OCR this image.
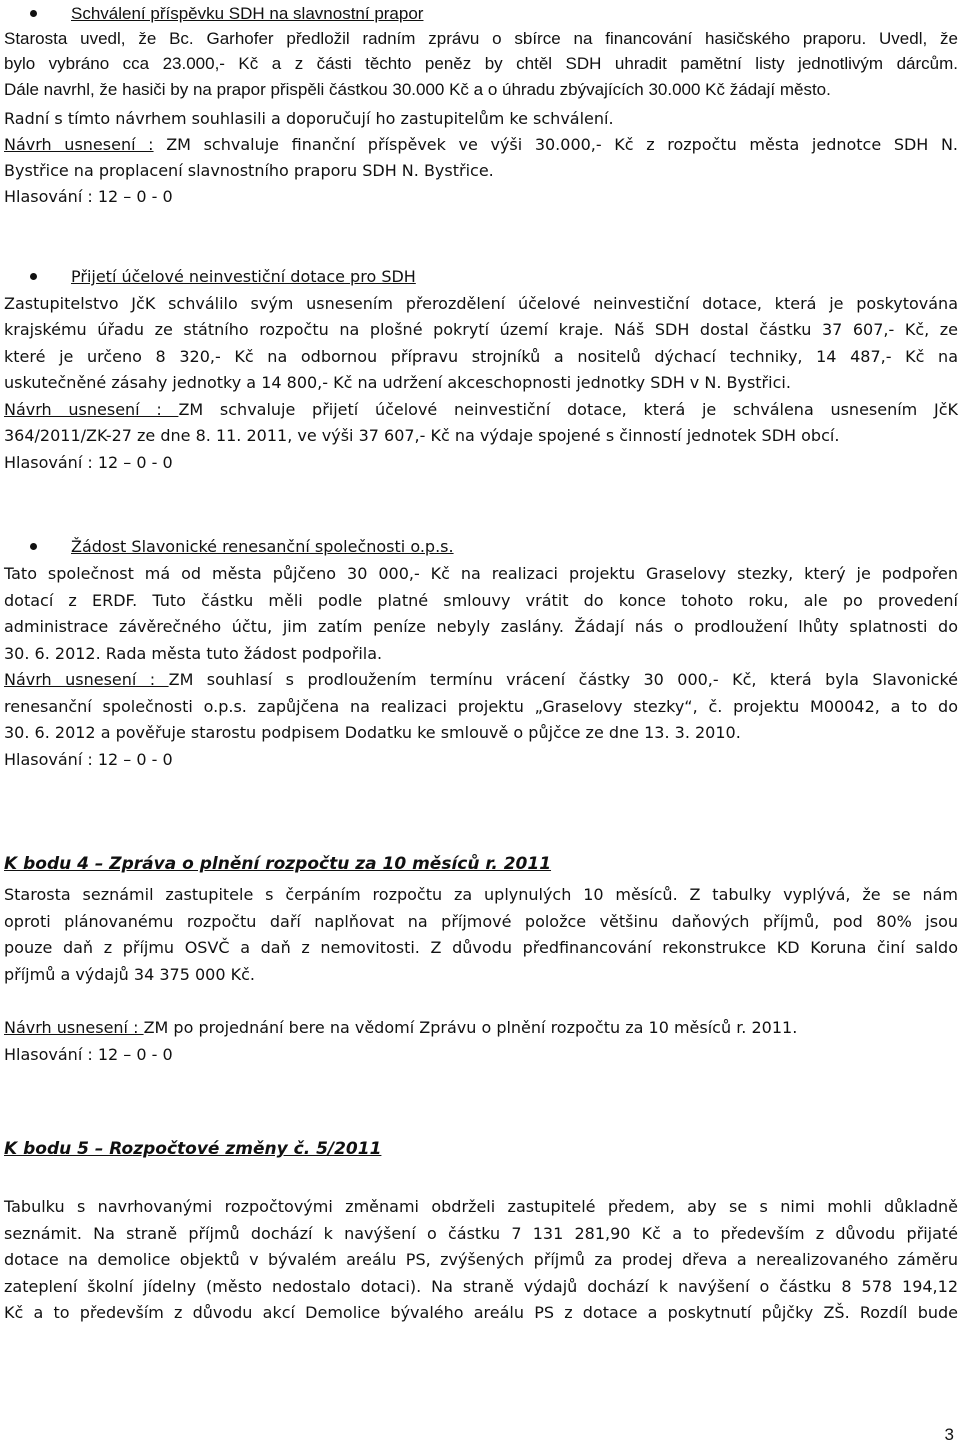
Schválení příspěvku SDH na slavnostní prapor
Starosta uvedl, že Bc. Garhofer předložil radním zprávu o sbírce na financování hasičského praporu. Uvedl, že
bylo vybráno cca 23.000,- Kč a z části těchto peněz by chtěl SDH uhradit pamětní listy jednotlivým dárcům.
Dále navrhl, že hasiči by na prapor přispěli částkou 30.000 Kč a o úhradu zbývajících 30.000 Kč žádají město.
Radní s tímto návrhem souhlasili a doporučují ho zastupitelům ke schválení.
Návrh usnesení : ZM schvaluje finanční příspěvek ve výši 30.000,- Kč z rozpočtu města jednotce SDH N.
Bystřice na proplacení slavnostního praporu SDH N. Bystřice.
Hlasování : 12 – 0 - 0
Přijetí účelové neinvestiční dotace pro SDH
Zastupitelstvo JčK schválilo svým usnesením přerozdělení účelové neinvestiční dotace, která je poskytována
krajskému úřadu ze státního rozpočtu na plošné pokrytí území kraje. Náš SDH dostal částku 37 607,- Kč, ze
které je určeno 8 320,- Kč na odbornou přípravu strojníků a nositelů dýchací techniky, 14 487,- Kč na
uskutečněné zásahy jednotky a 14 800,- Kč na udržení akceschopnosti jednotky SDH v N. Bystřici.
Návrh usnesení : ZM schvaluje přijetí účelové neinvestiční dotace, která je schválena usnesením JčK
364/2011/ZK-27 ze dne 8. 11. 2011, ve výši 37 607,- Kč na výdaje spojené s činností jednotek SDH obcí.
Hlasování : 12 – 0 - 0
Žádost Slavonické renesanční společnosti o.p.s.
Tato společnost má od města půjčeno 30 000,- Kč na realizaci projektu Graselovy stezky, který je podpořen
dotací z ERDF. Tuto částku měli podle platné smlouvy vrátit do konce tohoto roku, ale po provedení
administrace závěrečného účtu, jim zatím peníze nebyly zaslány. Žádají nás o prodloužení lhůty splatnosti do
30. 6. 2012. Rada města tuto žádost podpořila.
Návrh usnesení : ZM souhlasí s prodloužením termínu vrácení částky 30 000,- Kč, která byla Slavonické
renesanční společnosti o.p.s. zapůjčena na realizaci projektu „Graselovy stezky“, č. projektu M00042, a to do
30. 6. 2012 a pověřuje starostu podpisem Dodatku ke smlouvě o půjčce ze dne 13. 3. 2010.
Hlasování : 12 – 0 - 0
K bodu 4 – Zpráva o plnění rozpočtu za 10 měsíců r. 2011
Starosta seznámil zastupitele s čerpáním rozpočtu za uplynulých 10 měsíců. Z tabulky vyplývá, že se nám
oproti plánovanému rozpočtu daří naplňovat na příjmové položce většinu daňových příjmů, pod 80% jsou
pouze daň z příjmu OSVČ a daň z nemovitosti. Z důvodu předfinancování rekonstrukce KD Koruna činí saldo
příjmů a výdajů 34 375 000 Kč.
Návrh usnesení : ZM po projednání bere na vědomí Zprávu o plnění rozpočtu za 10 měsíců r. 2011.
Hlasování : 12 – 0 - 0
K bodu 5 – Rozpočtové změny č. 5/2011
Tabulku s navrhovanými rozpočtovými změnami obdrželi zastupitelé předem, aby se s nimi mohli důkladně
seznámit. Na straně příjmů dochází k navýšení o částku 7 131 281,90 Kč a to především z důvodu přijaté
dotace na demolice objektů v bývalém areálu PS, zvýšených příjmů za prodej dřeva a nerealizovaného záměru
zateplení školní jídelny (město nedostalo dotaci). Na straně výdajů dochází k navýšení o částku 8 578 194,12
Kč a to především z důvodu akcí Demolice bývalého areálu PS z dotace a poskytnutí půjčky ZŠ. Rozdíl bude
3
